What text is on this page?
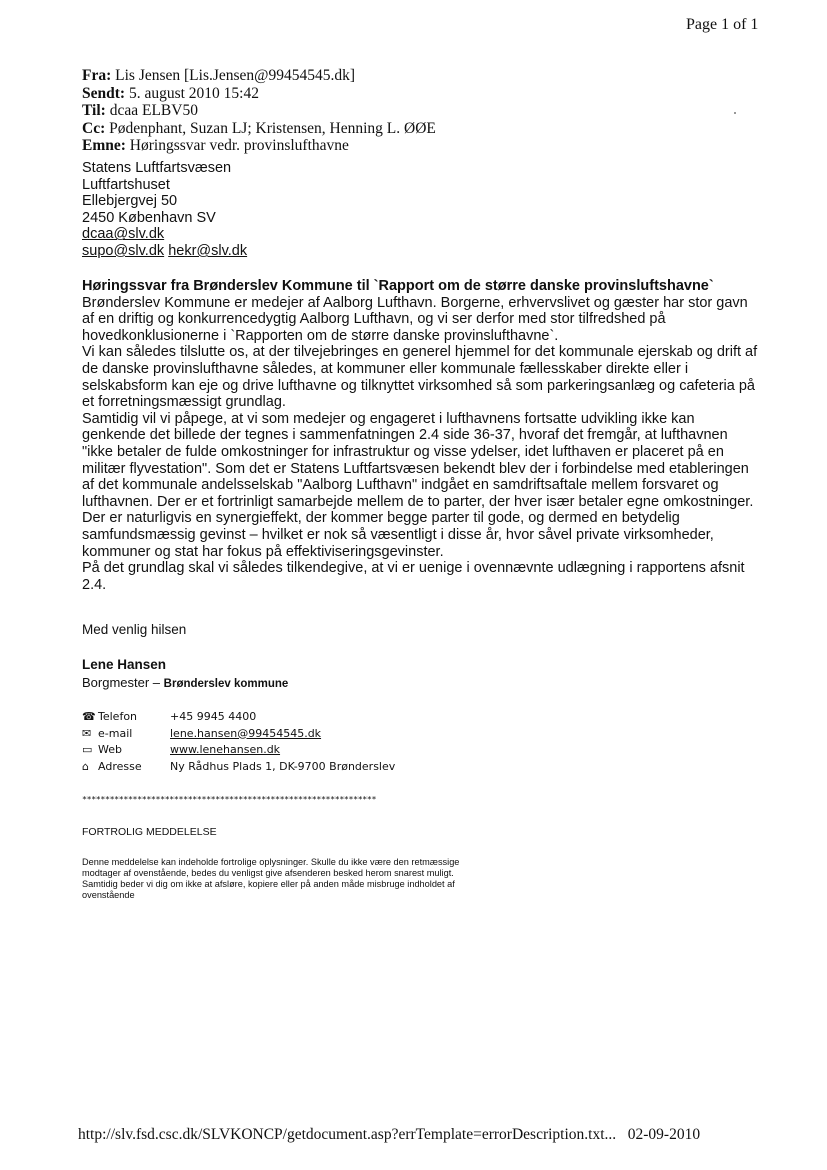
Page 1 of 1
Fra: Lis Jensen [Lis.Jensen@99454545.dk]
Sendt: 5. august 2010 15:42
Til: dcaa ELBV50
Cc: Pødenphant, Suzan LJ; Kristensen, Henning L. ØØE
Emne: Høringssvar vedr. provinslufthavne
Statens Luftfartsvæsen
Luftfartshuset
Ellebjergvej 50
2450 København SV
dcaa@slv.dk
supo@slv.dk hekr@slv.dk
Høringssvar fra Brønderslev Kommune til `Rapport om de større danske provinsluftshavne`
Brønderslev Kommune er medejer af Aalborg Lufthavn. Borgerne, erhvervslivet og gæster har stor gavn af en driftig og konkurrencedygtig Aalborg Lufthavn, og vi ser derfor med stor tilfredshed på hovedkonklusionerne i `Rapporten om de større danske provinslufthavne`.
Vi kan således tilslutte os, at der tilvejebringes en generel hjemmel for det kommunale ejerskab og drift af de danske provinslufthavne således, at kommuner eller kommunale fællesskaber direkte eller i selskabsform kan eje og drive lufthavne og tilknyttet virksomhed så som parkeringsanlæg og cafeteria på et forretningsmæssigt grundlag.
Samtidig vil vi påpege, at vi som medejer og engageret i lufthavnens fortsatte udvikling ikke kan genkende det billede der tegnes i sammenfatningen 2.4 side 36-37, hvoraf det fremgår, at lufthavnen "ikke betaler de fulde omkostninger for infrastruktur og visse ydelser, idet lufthaven er placeret på en militær flyvestation". Som det er Statens Luftfartsvæsen bekendt blev der i forbindelse med etableringen af det kommunale andelsselskab "Aalborg Lufthavn" indgået en samdriftsaftale mellem forsvaret og lufthavnen. Der er et fortrinligt samarbejde mellem de to parter, der hver især betaler egne omkostninger. Der er naturligvis en synergieffekt, der kommer begge parter til gode, og dermed en betydelig samfundsmæssig gevinst – hvilket er nok så væsentligt i disse år, hvor såvel private virksomheder, kommuner og stat har fokus på effektiviseringsgevinster.
På det grundlag skal vi således tilkendegive, at vi er uenige i ovennævnte udlægning i rapportens afsnit 2.4.
Med venlig hilsen
Lene Hansen
Borgmester – Brønderslev kommune
☎ Telefon	+45 9945 4400
✉ e-mail	lene.hansen@99454545.dk
▭ Web	www.lenehansen.dk
⌂ Adresse	Ny Rådhus Plads 1, DK-9700 Brønderslev
****************************************************************
FORTROLIG MEDDELELSE
Denne meddelelse kan indeholde fortrolige oplysninger. Skulle du ikke være den retmæssige modtager af ovenstående, bedes du venligst give afsenderen besked herom snarest muligt. Samtidig beder vi dig om ikke at afsløre, kopiere eller på anden måde misbruge indholdet af ovenstående
http://slv.fsd.csc.dk/SLVKONCP/getdocument.asp?errTemplate=errorDescription.txt... 02-09-2010
